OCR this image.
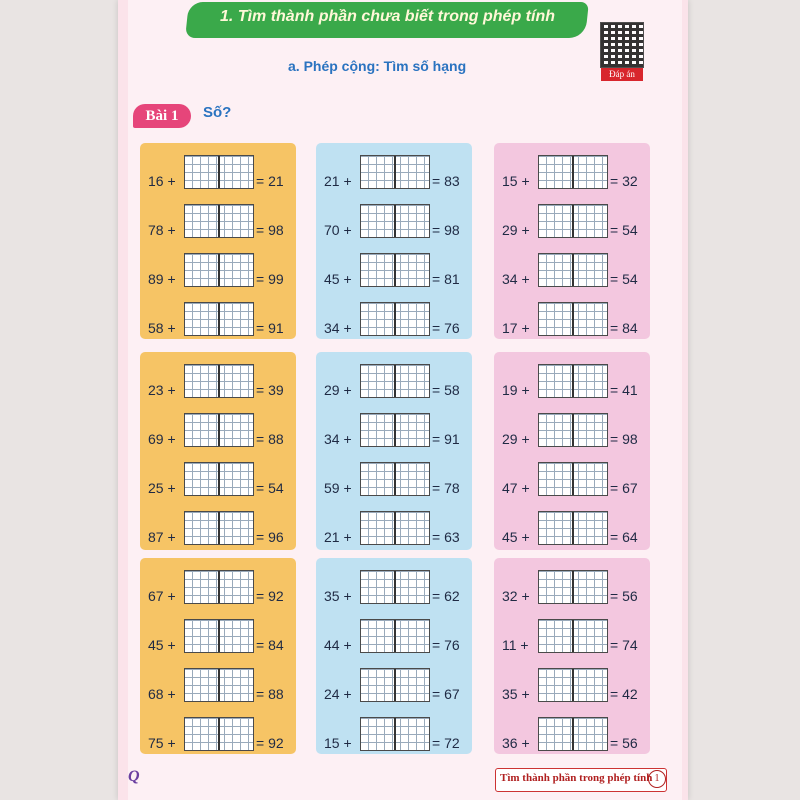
1. Tìm thành phần chưa biết trong phép tính
Đáp án
a. Phép cộng: Tìm số hạng
Bài 1	Số?
16 +	= 21
78 +	= 98
89 +	= 99
58 +	= 91
21 +	= 83
70 +	= 98
45 +	= 81
34 +	= 76
15 +	= 32
29 +	= 54
34 +	= 54
17 +	= 84
23 +	= 39
69 +	= 88
25 +	= 54
87 +	= 96
29 +	= 58
34 +	= 91
59 +	= 78
21 +	= 63
19 +	= 41
29 +	= 98
47 +	= 67
45 +	= 64
67 +	= 92
45 +	= 84
68 +	= 88
75 +	= 92
35 +	= 62
44 +	= 76
24 +	= 67
15 +	= 72
32 +	= 56
11 +	= 74
35 +	= 42
36 +	= 56
Q	Tìm thành phần trong phép tính 1
